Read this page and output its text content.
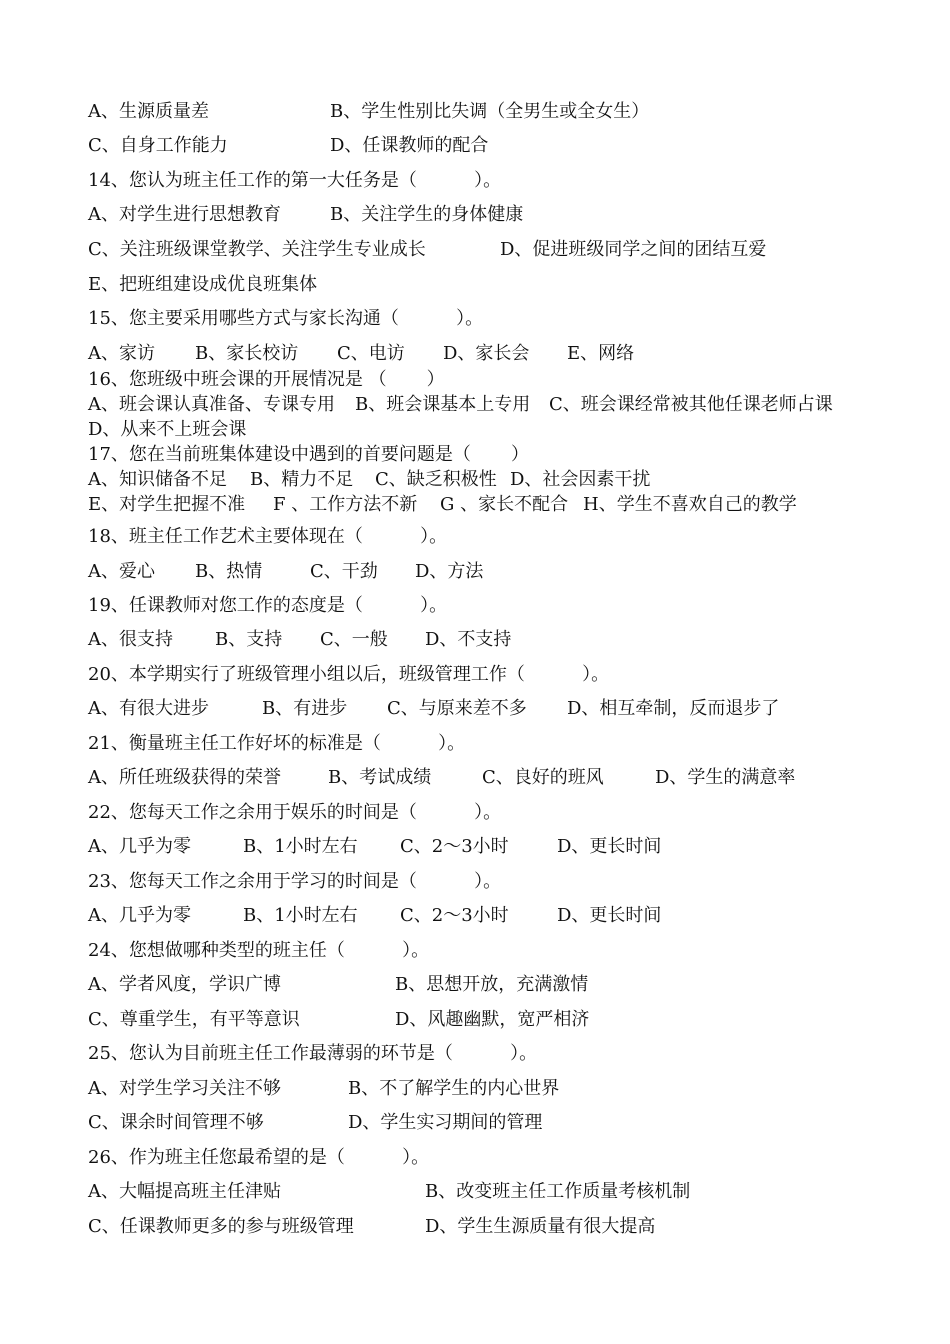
A、生源质量差	B、学生性别比失调（全男生或全女生）
C、自身工作能力	D、任课教师的配合
14、您认为班主任工作的第一大任务是（          ）。
A、对学生进行思想教育	B、关注学生的身体健康
C、关注班级课堂教学、关注学生专业成长	D、促进班级同学之间的团结互爱
E、把班组建设成优良班集体
15、您主要采用哪些方式与家长沟通（          ）。
A、家访 B、家长校访 C、电访 D、家长会 E、网络
16、您班级中班会课的开展情况是 （       ）
A、班会课认真准备、专课专用 B、班会课基本上专用 C、班会课经常被其他任课老师占课
D、从来不上班会课
17、您在当前班集体建设中遇到的首要问题是（       ）
A、知识储备不足 B、精力不足 C、缺乏积极性 D、社会因素干扰
E、对学生把握不准 F 、工作方法不新 G 、家长不配合 H、学生不喜欢自己的教学
18、班主任工作艺术主要体现在（          ）。
A、爱心 B、热情	C、干劲 D、方法
19、任课教师对您工作的态度是（          ）。
A、很支持 B、支持 C、一般 D、不支持
20、本学期实行了班级管理小组以后，班级管理工作（          ）。
A、有很大进步	B、有进步 C、与原来差不多 D、相互牵制，反而退步了
21、衡量班主任工作好坏的标准是（          ）。
A、所任班级获得的荣誉	B、考试成绩	C、良好的班风	D、学生的满意率
22、您每天工作之余用于娱乐的时间是（          ）。
A、几乎为零	B、1小时左右 C、2～3小时	D、更长时间
23、您每天工作之余用于学习的时间是（          ）。
A、几乎为零	B、1小时左右 C、2～3小时	D、更长时间
24、您想做哪种类型的班主任（          ）。
A、学者风度，学识广博	B、思想开放，充满激情
C、尊重学生，有平等意识	D、风趣幽默，宽严相济
25、您认为目前班主任工作最薄弱的环节是（          ）。
A、对学生学习关注不够	B、不了解学生的内心世界
C、课余时间管理不够	D、学生实习期间的管理
26、作为班主任您最希望的是（          ）。
A、大幅提高班主任津贴	B、改变班主任工作质量考核机制
C、任课教师更多的参与班级管理	D、学生生源质量有很大提高
